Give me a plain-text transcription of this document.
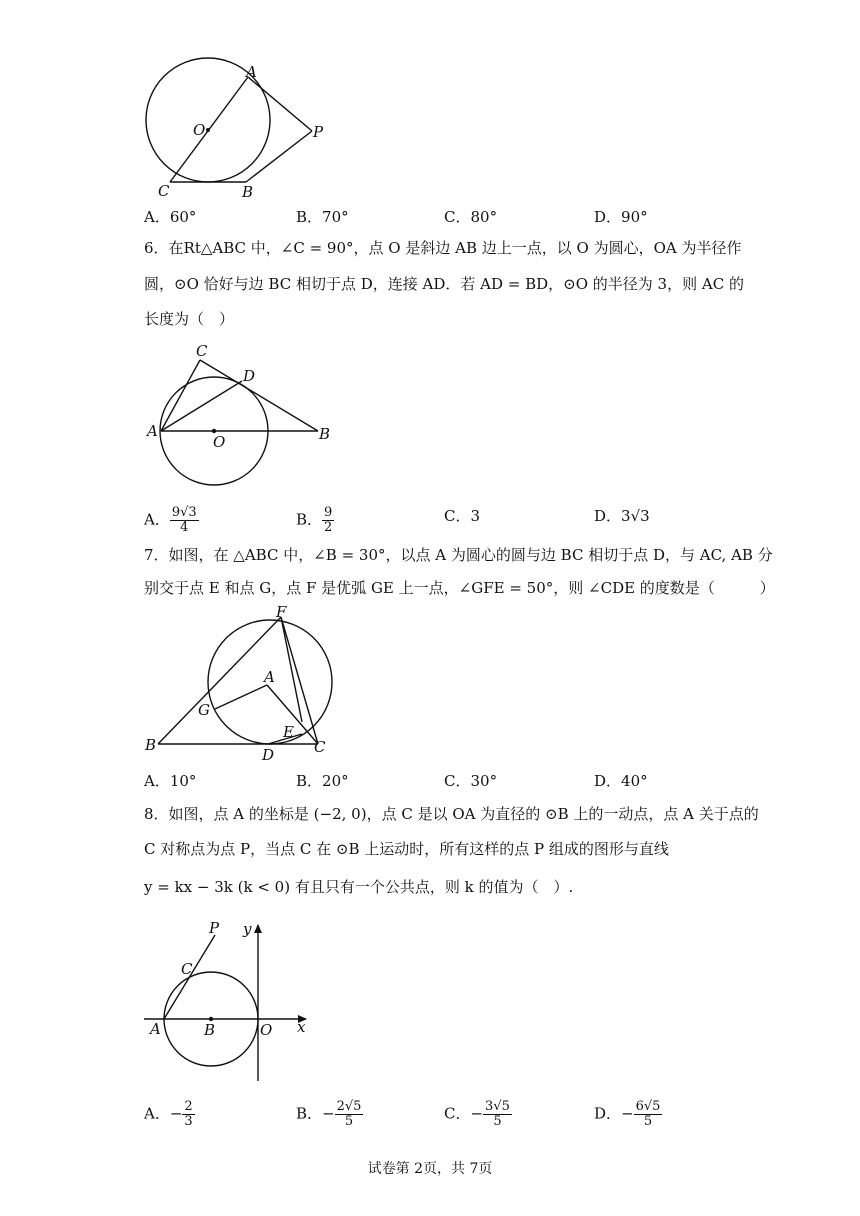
A
O	P
C	B
A．60°	B．70°	C．80°	D．90°
6．在Rt△ABC 中，∠C = 90°，点 O 是斜边 AB 边上一点，以 O 为圆心，OA 为半径作
圆，⊙O 恰好与边 BC 相切于点 D，连接 AD．若 AD = BD，⊙O 的半径为 3，则 AC 的
长度为（　）
C
D
A
O	B
A． $\frac{9√3}{4}$	B． $\frac{9}{2}$	C．3	D．3√3
7．如图，在 △ABC 中，∠B = 30°，以点 A 为圆心的圆与边 BC 相切于点 D，与 AC, AB 分
别交于点 E 和点 G，点 F 是优弧 GE 上一点，∠GFE = 50°，则 ∠CDE 的度数是（　　　）
F
A
G
E
B
D	C
A．10°	B．20°	C．30°	D．40°
8．如图，点 A 的坐标是 (−2, 0)，点 C 是以 OA 为直径的 ⊙B 上的一动点，点 A 关于点的
C 对称点为点 P，当点 C 在 ⊙B 上运动时，所有这样的点 P 组成的图形与直线
y = kx − 3k (k < 0) 有且只有一个公共点，则 k 的值为（　）.
P y
C
A	B	O x
A．− $\frac{2}{3}$	B．− $\frac{2√5}{5}$	C．− $\frac{3√5}{5}$	D．− $\frac{6√5}{5}$
试卷第 2页，共 7页
